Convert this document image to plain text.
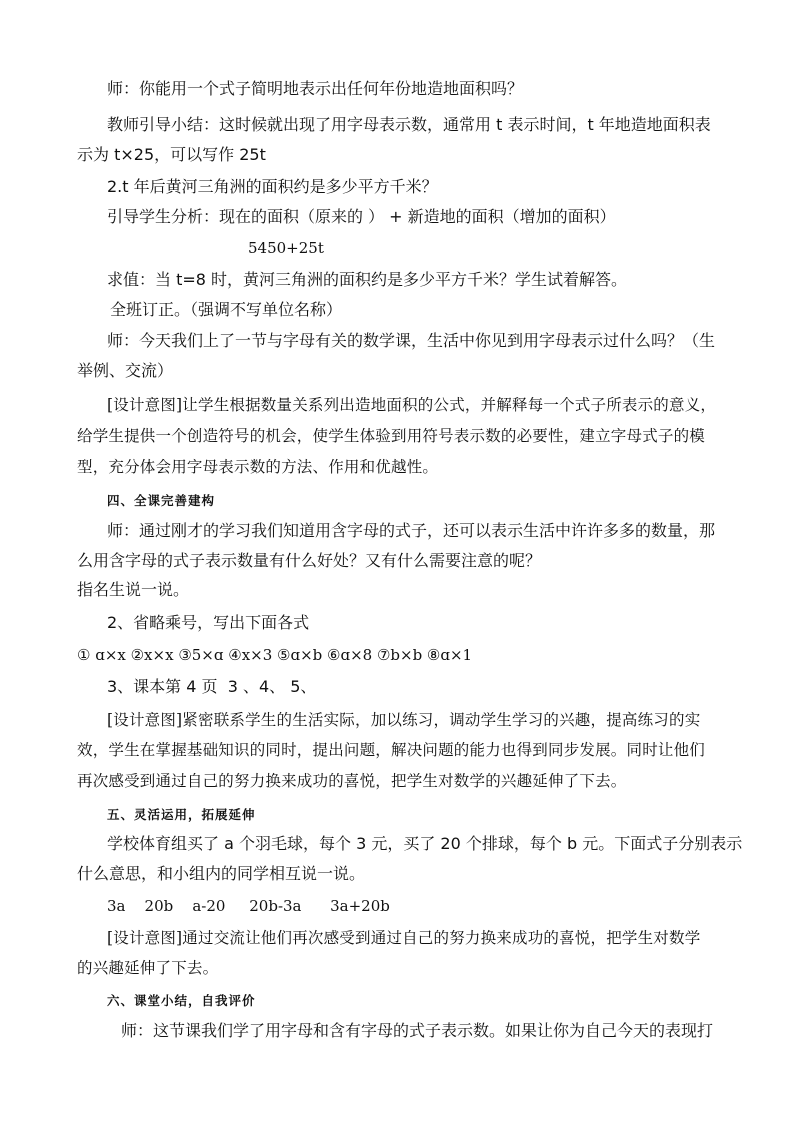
师：你能用一个式子简明地表示出任何年份地造地面积吗？
教师引导小结：这时候就出现了用字母表示数，通常用 t 表示时间，t 年地造地面积表
示为 t×25，可以写作 25t
2.t 年后黄河三角洲的面积约是多少平方千米？
引导学生分析：现在的面积（原来的 ） + 新造地的面积（增加的面积）
5450+25t
求值：当 t=8 时，黄河三角洲的面积约是多少平方千米？学生试着解答。
全班订正。（强调不写单位名称）
师：今天我们上了一节与字母有关的数学课，生活中你见到用字母表示过什么吗？（生
举例、交流）
[设计意图]让学生根据数量关系列出造地面积的公式，并解释每一个式子所表示的意义，
给学生提供一个创造符号的机会，使学生体验到用符号表示数的必要性，建立字母式子的模
型，充分体会用字母表示数的方法、作用和优越性。
四、全课完善建构
师：通过刚才的学习我们知道用含字母的式子，还可以表示生活中许许多多的数量，那
么用含字母的式子表示数量有什么好处？又有什么需要注意的呢？
指名生说一说。
2、省略乘号，写出下面各式
① ɑ×x ②x×x ③5×ɑ ④x×3 ⑤ɑ×b ⑥ɑ×8 ⑦b×b ⑧ɑ×1
3、课本第 4 页  3 、4、 5、
[设计意图]紧密联系学生的生活实际，加以练习，调动学生学习的兴趣，提高练习的实
效，学生在掌握基础知识的同时，提出问题，解决问题的能力也得到同步发展。同时让他们
再次感受到通过自己的努力换来成功的喜悦，把学生对数学的兴趣延伸了下去。
五、灵活运用，拓展延伸
学校体育组买了 a 个羽毛球，每个 3 元，买了 20 个排球，每个 b 元。下面式子分别表示
什么意思，和小组内的同学相互说一说。
3a    20b    a-20     20b-3a      3a+20b
[设计意图]通过交流让他们再次感受到通过自己的努力换来成功的喜悦，把学生对数学
的兴趣延伸了下去。
六、课堂小结，自我评价
师：这节课我们学了用字母和含有字母的式子表示数。如果让你为自己今天的表现打
